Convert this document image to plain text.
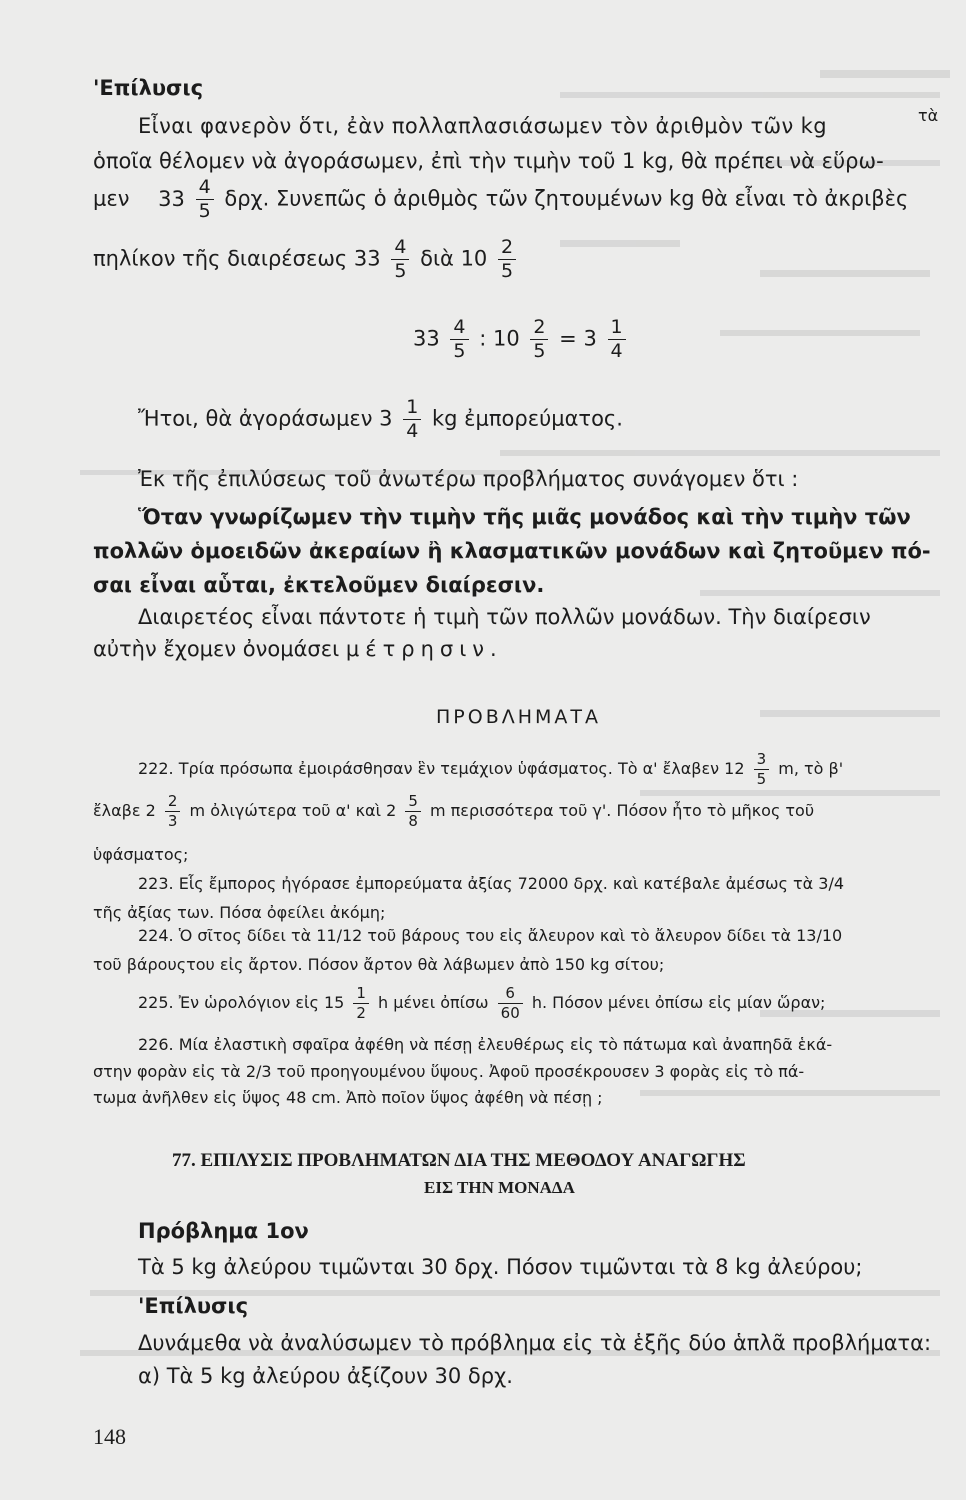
'Επίλυσις
Εἶναι φανερὸν ὅτι, ἐὰν πολλαπλασιάσωμεν τὸν ἀριθμὸν τῶν kg	τὰ
ὁποῖα θέλομεν νὰ ἀγοράσωμεν, ἐπὶ τὴν τιμὴν τοῦ 1 kg, θὰ πρέπει νὰ εὕρω-
μεν $33 \frac{4}{5} \delta\rho\chi$. Συνεπῶς ὁ ἀριθμὸς τῶν ζητουμένων kg θὰ εἶναι τὸ ἀκριβὲς
πηλίκον τῆς διαιρέσεως $33 \frac{4}{5}$ διὰ $10 \frac{2}{5}$
$33 \frac{4}{5}$ : $10 \frac{2}{5} = 3 \frac{1}{4}$
Ἤτοι, θὰ ἀγοράσωμεν $3 \frac{1}{4}$ kg ἐμπορεύματος.
Ἐκ τῆς ἐπιλύσεως τοῦ ἀνωτέρω προβλήματος συνάγομεν ὅτι :
Ὅταν γνωρίζωμεν τὴν τιμὴν τῆς μιᾶς μονάδος καὶ τὴν τιμὴν τῶν
πολλῶν ὁμοειδῶν ἀκεραίων ἢ κλασματικῶν μονάδων καὶ ζητοῦμεν πό-
σαι εἶναι αὗται, ἐκτελοῦμεν διαίρεσιν.
Διαιρετέος εἶναι πάντοτε ἡ τιμὴ τῶν πολλῶν μονάδων. Τὴν διαίρεσιν
αὐτὴν ἔχομεν ὀνομάσει μέτρησιν.
ΠΡΟΒΛΗΜΑΤΑ
222. Τρία πρόσωπα ἐμοιράσθησαν ἓν τεμάχιον ὑφάσματος. Τὸ α' ἔλαβεν $12 \frac{3}{5} m$, τὸ β'
ἔλαβε $2 \frac{2}{3}$ m ὀλιγώτερα τοῦ α' καὶ $2 \frac{5}{8}$ m περισσότερα τοῦ γ'. Πόσον ἦτο τὸ μῆκος τοῦ
ὑφάσματος;
223. Εἷς ἔμπορος ἠγόρασε ἐμπορεύματα ἀξίας 72000 δρχ. καὶ κατέβαλε ἀμέσως τὰ 3/4
τῆς ἀξίας των. Πόσα ὀφείλει ἀκόμη;
224. Ὁ σῖτος δίδει τὰ 11/12 τοῦ βάρους του εἰς ἄλευρον καὶ τὸ ἄλευρον δίδει τὰ 13/10
τοῦ βάρουςτου εἰς ἄρτον. Πόσον ἄρτον θὰ λάβωμεν ἀπὸ 150 kg σίτου;
225. Ἐν ὡρολόγιον εἰς $15 \frac{1}{2}$ h μένει ὀπίσω $\frac{6}{60} h$. Πόσον μένει ὀπίσω εἰς μίαν ὥραν;
226. Μία ἐλαστικὴ σφαῖρα ἀφέθη νὰ πέσῃ ἐλευθέρως εἰς τὸ πάτωμα καὶ ἀναπηδᾶ ἑκά-
στην φορὰν εἰς τὰ 2/3 τοῦ προηγουμένου ὕψους. Ἀφοῦ προσέκρουσεν 3 φορὰς εἰς τὸ πά-
τωμα ἀνῆλθεν εἰς ὕψος 48 cm. Ἀπὸ ποῖον ὕψος ἀφέθη νὰ πέσῃ ;
77. ΕΠΙΛΥΣΙΣ ΠΡΟΒΛΗΜΑΤΩΝ ΔΙΑ ΤΗΣ ΜΕΘΟΔΟΥ ΑΝΑΓΩΓΗΣ
ΕΙΣ ΤΗΝ ΜΟΝΑΔΑ
Πρόβλημα 1ον
Τὰ 5 kg ἀλεύρου τιμῶνται 30 δρχ. Πόσον τιμῶνται τὰ 8 kg ἀλεύρου;
'Επίλυσις
Δυνάμεθα νὰ ἀναλύσωμεν τὸ πρόβλημα εἰς τὰ ἑξῆς δύο ἁπλᾶ προβλήματα:
α) Τὰ 5 kg ἀλεύρου ἀξίζουν 30 δρχ.
148
